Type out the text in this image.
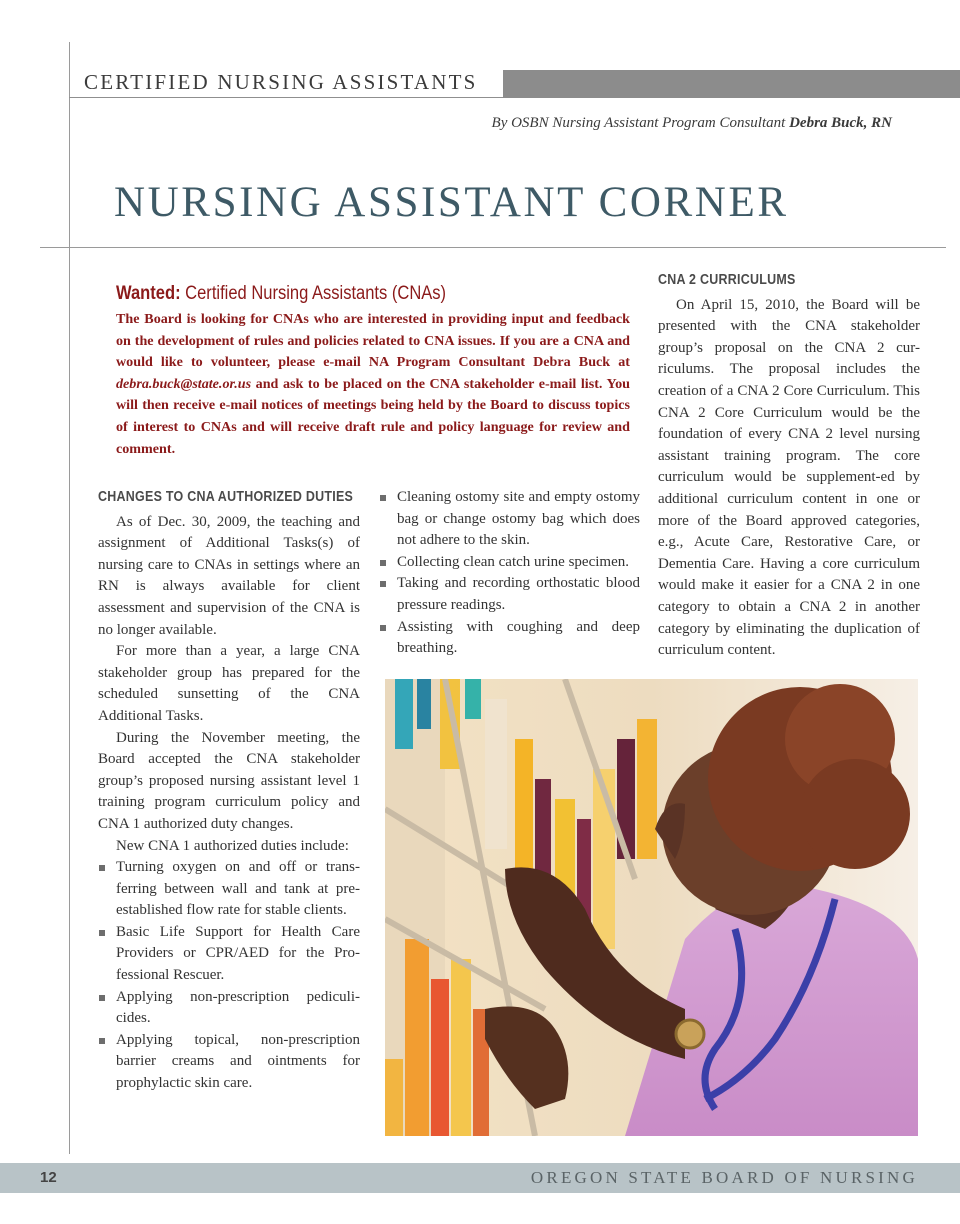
CERTIFIED NURSING ASSISTANTS
By OSBN Nursing Assistant Program Consultant Debra Buck, RN
NURSING ASSISTANT CORNER
Wanted: Certified Nursing Assistants (CNAs)
The Board is looking for CNAs who are interested in providing input and feedback on the development of rules and policies related to CNA issues. If you are a CNA and would like to volunteer, please e-mail NA Program Consultant Debra Buck at debra.buck@state.or.us and ask to be placed on the CNA stakeholder e-mail list. You will then receive e-mail notices of meetings being held by the Board to discuss topics of interest to CNAs and will receive draft rule and policy language for review and comment.
CHANGES TO CNA AUTHORIZED DUTIES

As of Dec. 30, 2009, the teaching and assignment of Additional Tasks(s) of nursing care to CNAs in settings where an RN is always available for client assessment and supervision of the CNA is no longer available.

For more than a year, a large CNA stakeholder group has prepared for the scheduled sunsetting of the CNA Additional Tasks.

During the November meeting, the Board accepted the CNA stakeholder group’s proposed nursing assistant level 1 training program curriculum policy and CNA 1 authorized duty changes.

New CNA 1 authorized duties include:

Turning oxygen on and off or trans-ferring between wall and tank at pre-established flow rate for stable clients.
Basic Life Support for Health Care Providers or CPR/AED for the Pro-fessional Rescuer.
Applying non-prescription pediculi-cides.
Applying topical, non-prescription barrier creams and ointments for prophylactic skin care.
Cleaning ostomy site and empty ostomy bag or change ostomy bag which does not adhere to the skin.
Collecting clean catch urine specimen.
Taking and recording orthostatic blood pressure readings.
Assisting with coughing and deep breathing.
CNA 2 CURRICULUMS

On April 15, 2010, the Board will be presented with the CNA stakeholder group’s proposal on the CNA 2 cur-riculums. The proposal includes the creation of a CNA 2 Core Curriculum. This CNA 2 Core Curriculum would be the foundation of every CNA 2 level nursing assistant training program. The core curriculum would be supplement-ed by additional curriculum content in one or more of the Board approved categories, e.g., Acute Care, Restorative Care, or Dementia Care. Having a core curriculum would make it easier for a CNA 2 in one category to obtain a CNA 2 in another category by eliminating the duplication of curriculum content.

12	OREGON STATE BOARD OF NURSING
